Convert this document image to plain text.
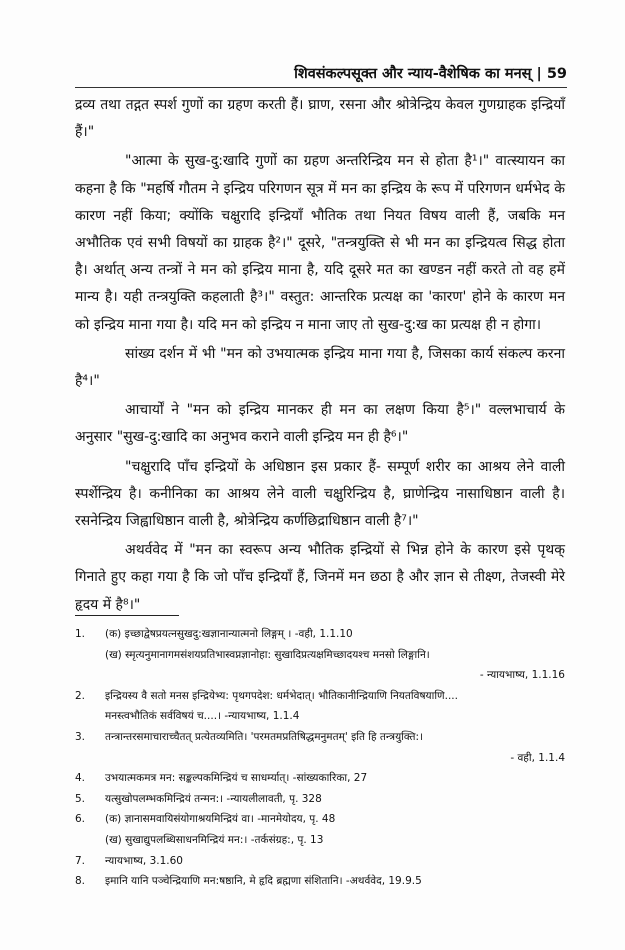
शिवसंकल्पसूक्त और न्याय-वैशेषिक का मनस् | 59

द्रव्य तथा तद्गत स्पर्श गुणों का ग्रहण करती हैं। घ्राण, रसना और श्रोत्रेन्द्रिय केवल गुणग्राहक इन्द्रियाँ हैं।"

"आत्मा के सुख-दु:खादि गुणों का ग्रहण अन्तरिन्द्रिय मन से होता है¹।" वात्स्यायन का कहना है कि "महर्षि गौतम ने इन्द्रिय परिगणन सूत्र में मन का इन्द्रिय के रूप में परिगणन धर्मभेद के कारण नहीं किया; क्योंकि चक्षुरादि इन्द्रियाँ भौतिक तथा नियत विषय वाली हैं, जबकि मन अभौतिक एवं सभी विषयों का ग्राहक है²।" दूसरे, "तन्त्रयुक्ति से भी मन का इन्द्रियत्व सिद्ध होता है। अर्थात् अन्य तन्त्रों ने मन को इन्द्रिय माना है, यदि दूसरे मत का खण्डन नहीं करते तो वह हमें मान्य है। यही तन्त्रयुक्ति कहलाती है³।" वस्तुत: आन्तरिक प्रत्यक्ष का 'कारण' होने के कारण मन को इन्द्रिय माना गया है। यदि मन को इन्द्रिय न माना जाए तो सुख-दु:ख का प्रत्यक्ष ही न होगा।

सांख्य दर्शन में भी "मन को उभयात्मक इन्द्रिय माना गया है, जिसका कार्य संकल्प करना है⁴।"

आचार्यों ने "मन को इन्द्रिय मानकर ही मन का लक्षण किया है⁵।" वल्लभाचार्य के अनुसार "सुख-दु:खादि का अनुभव कराने वाली इन्द्रिय मन ही है⁶।"

"चक्षुरादि पाँच इन्द्रियों के अधिष्ठान इस प्रकार हैं- सम्पूर्ण शरीर का आश्रय लेने वाली स्पर्शेन्द्रिय है। कनीनिका का आश्रय लेने वाली चक्षुरिन्द्रिय है, घ्राणेन्द्रिय नासाधिष्ठान वाली है। रसनेन्द्रिय जिह्वाधिष्ठान वाली है, श्रोत्रेन्द्रिय कर्णछिद्राधिष्ठान वाली है⁷।"

अथर्ववेद में "मन का स्वरूप अन्य भौतिक इन्द्रियों से भिन्न होने के कारण इसे पृथक् गिनाते हुए कहा गया है कि जो पाँच इन्द्रियाँ हैं, जिनमें मन छठा है और ज्ञान से तीक्ष्ण, तेजस्वी मेरे हृदय में है⁸।"

1.	(क) इच्छाद्वेषप्रयत्नसुखदु:खज्ञानान्यात्मनो लिङ्गम् । -वही, 1.1.10
(ख) स्मृत्यनुमानागमसंशयप्रतिभास्वप्नज्ञानोहा: सुखादिप्रत्यक्षमिच्छादयश्च मनसो लिङ्गानि।
- न्यायभाष्य, 1.1.16
2.	इन्द्रियस्य वै सतो मनस इन्द्रियेभ्य: पृथगपदेश: धर्मभेदात्। भौतिकानीन्द्रियाणि नियतविषयाणि....
मनस्त्वभौतिकं सर्वविषयं च....। -न्यायभाष्य, 1.1.4
3.	तन्त्रान्तरसमाचाराच्चैतत् प्रत्येतव्यमिति। 'परमतमप्रतिषिद्धमनुमतम्' इति हि तन्त्रयुक्ति:।
- वही, 1.1.4
4.	उभयात्मकमत्र मन: सङ्कल्पकमिन्द्रियं च साधर्म्यात्। -सांख्यकारिका, 27
5.	यत्सुखोपलम्भकमिन्द्रियं तन्मन:। -न्यायलीलावती, पृ. 328
6.	(क) ज्ञानासमवायिसंयोगाश्रयमिन्द्रियं वा। -मानमेयोदय, पृ. 48
(ख) सुखाद्युपलब्धिसाधनमिन्द्रियं मन:। -तर्कसंग्रह:, पृ. 13
7.	न्यायभाष्य, 3.1.60
8.	इमानि यानि पञ्चेन्द्रियाणि मन:षष्ठानि, मे हृदि ब्रह्मणा संशितानि। -अथर्ववेद, 19.9.5
